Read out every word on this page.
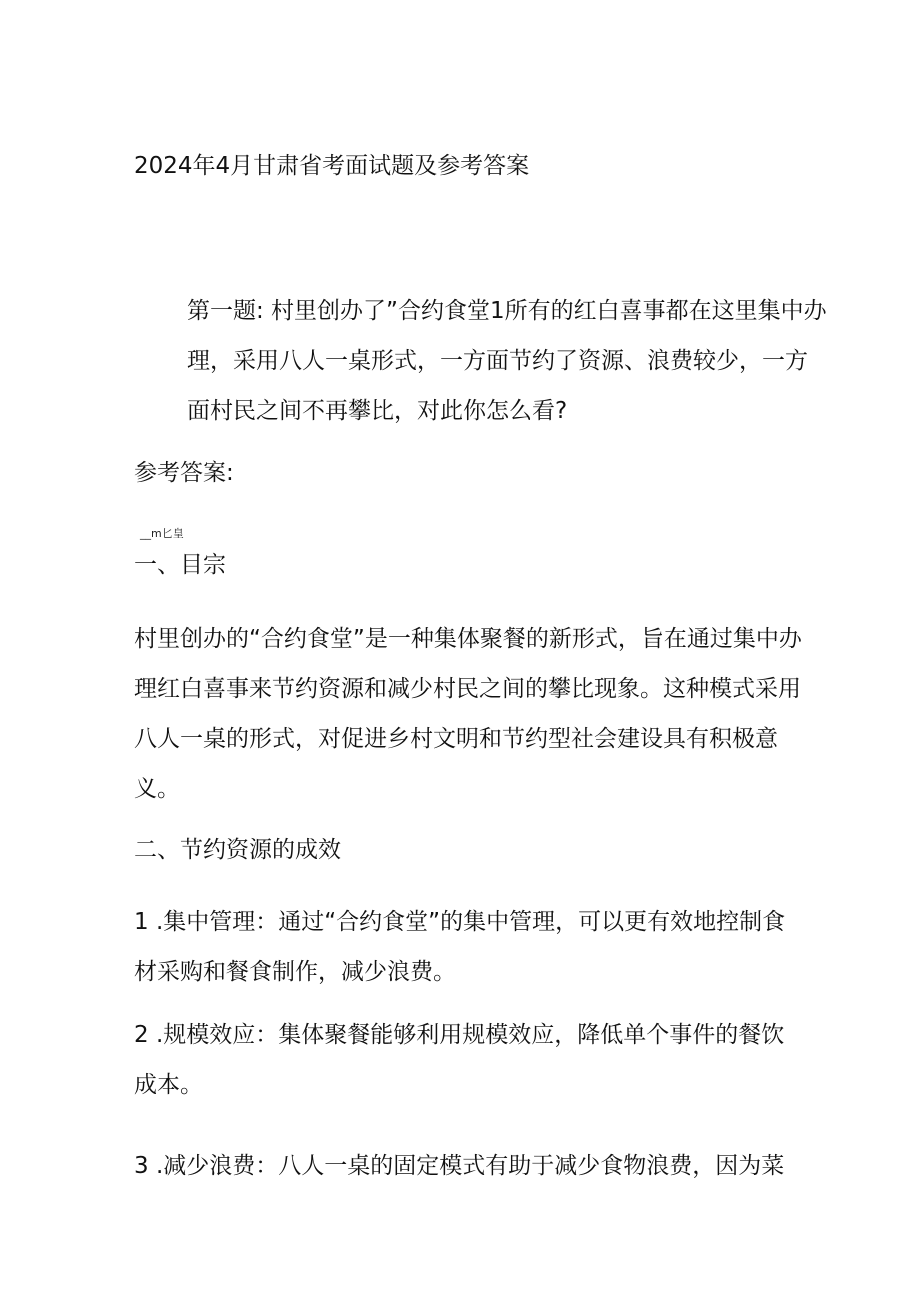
2024年4月甘肃省考面试题及参考答案
第一题: 村里创办了”合约食堂1所有的红白喜事都在这里集中办理，采用八人一桌形式，一方面节约了资源、浪费较少，一方面村民之间不再攀比，对此你怎么看?
参考答案:
__m匕皇
一、目宗
村里创办的“合约食堂”是一种集体聚餐的新形式，旨在通过集中办理红白喜事来节约资源和减少村民之间的攀比现象。这种模式采用八人一桌的形式，对促进乡村文明和节约型社会建设具有积极意义。
二、节约资源的成效
1 .集中管理：通过“合约食堂”的集中管理，可以更有效地控制食材采购和餐食制作，减少浪费。
2 .规模效应：集体聚餐能够利用规模效应，降低单个事件的餐饮成本。
3 .减少浪费：八人一桌的固定模式有助于减少食物浪费，因为菜
